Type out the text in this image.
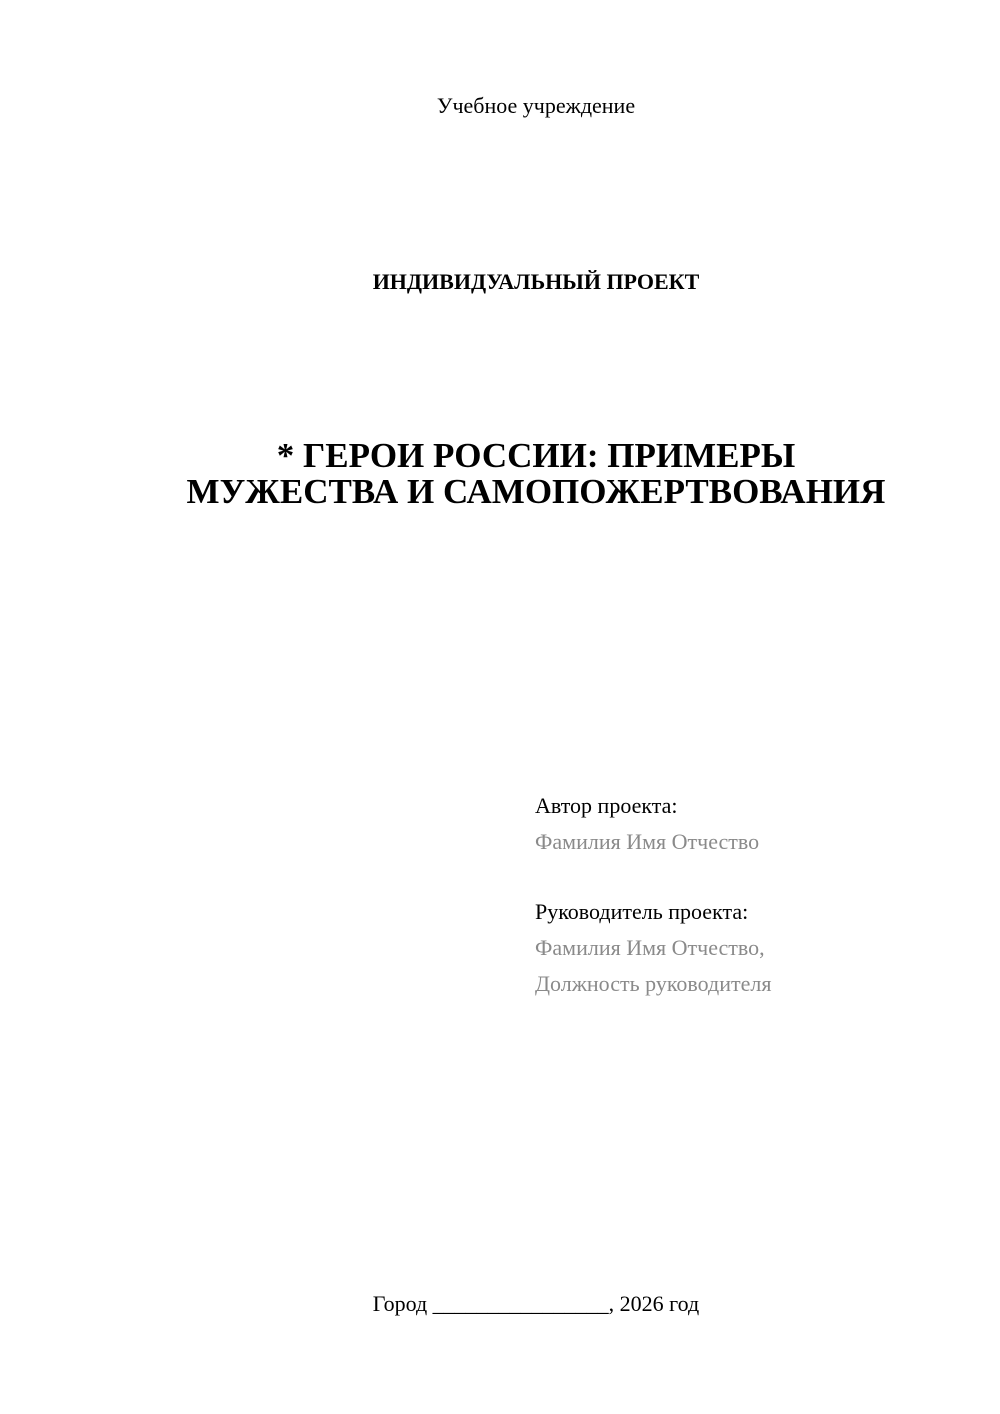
Учебное учреждение
ИНДИВИДУАЛЬНЫЙ ПРОЕКТ
* ГЕРОИ РОССИИ: ПРИМЕРЫ
МУЖЕСТВА И САМОПОЖЕРТВОВАНИЯ
Автор проекта:
Фамилия Имя Отчество
Руководитель проекта:
Фамилия Имя Отчество,
Должность руководителя
Город ________________, 2026 год
